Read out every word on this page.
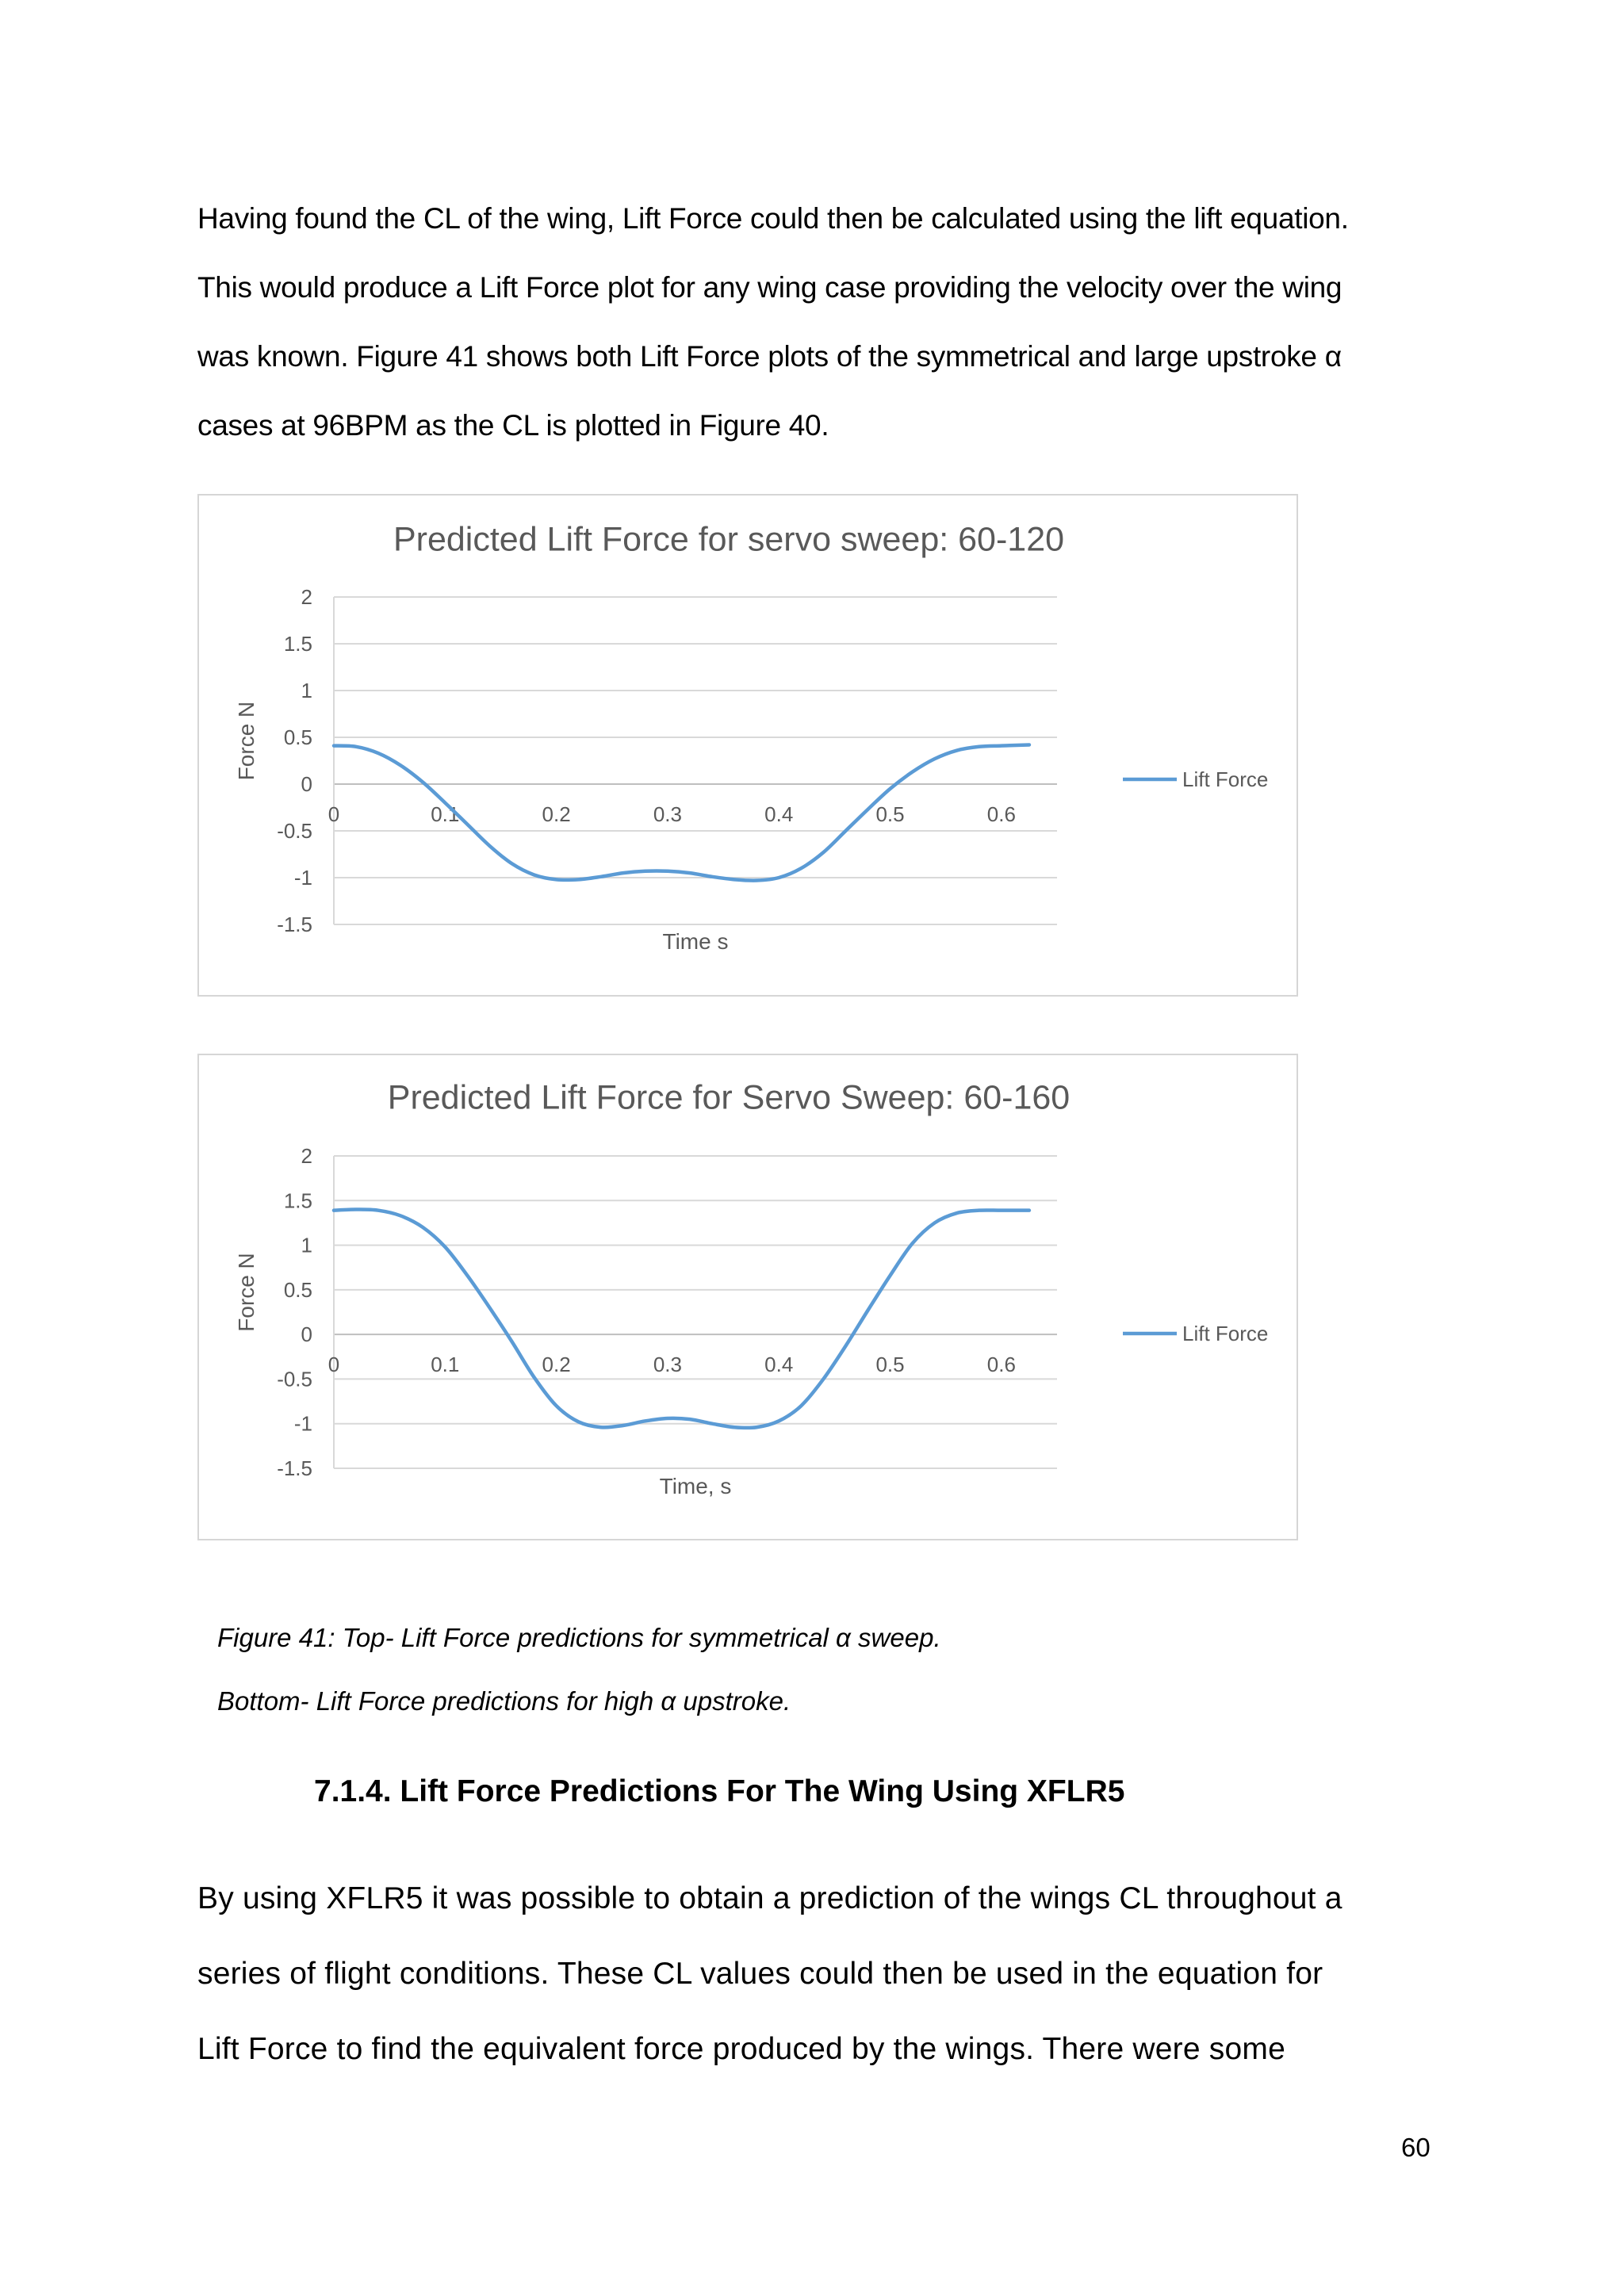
Having found the CL of the wing, Lift Force could then be calculated using the lift equation.

This would produce a Lift Force plot for any wing case providing the velocity over the wing

was known. Figure 41 shows both Lift Force plots of the symmetrical and large upstroke α

cases at 96BPM as the CL is plotted in Figure 40.

2
1.5
1
0.5
0
-0.5
-1
-1.5
0	0.1	0.2	0.3	0.4	0.5	0.6
Lift Force
Predicted Lift Force for servo sweep: 60-120
Time s
Force N
2
1.5
1
0.5
0
-0.5
-1
-1.5
0	0.1	0.2	0.3	0.4	0.5	0.6
Lift Force
Predicted Lift Force for Servo Sweep: 60-160
Time, s
Force N

Figure 41: Top- Lift Force predictions for symmetrical α sweep.

Bottom- Lift Force predictions for high α upstroke.

7.1.4. Lift Force Predictions For The Wing Using XFLR5

By using XFLR5 it was possible to obtain a prediction of the wings CL throughout a

series of flight conditions. These CL values could then be used in the equation for

Lift Force to find the equivalent force produced by the wings. There were some

60
